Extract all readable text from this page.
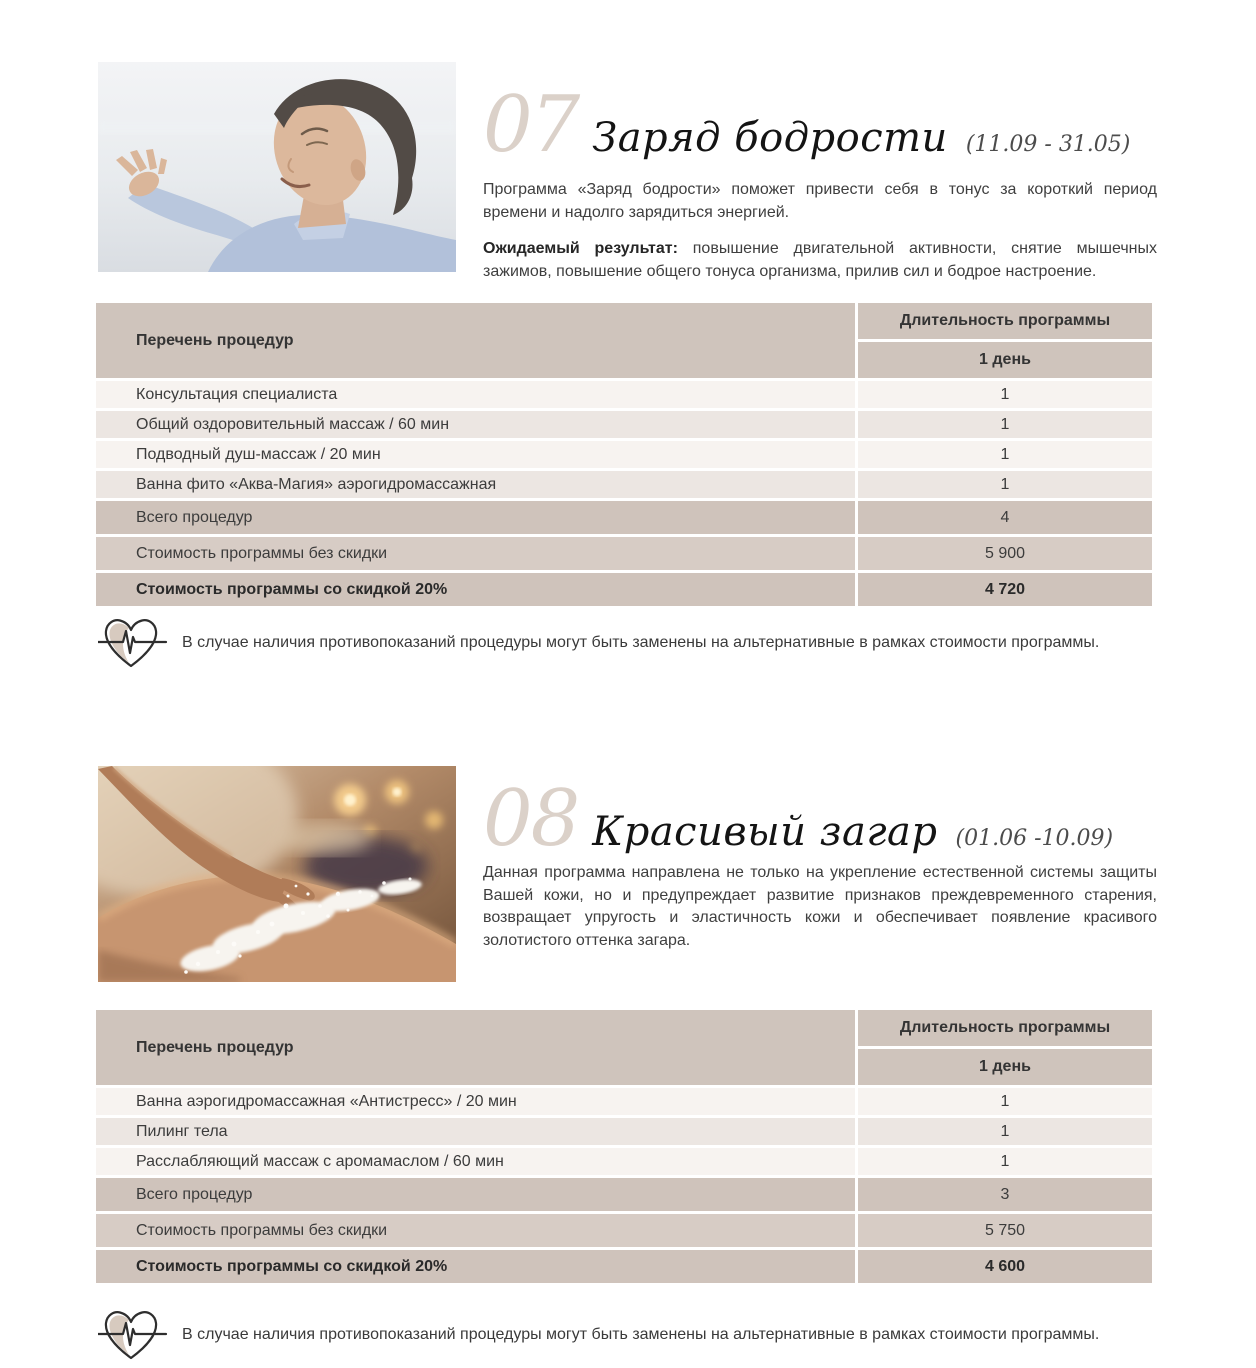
07 Заряд бодрости (11.09 - 31.05)

Программа «Заряд бодрости» поможет привести себя в тонус за короткий период времени и надолго зарядиться энергией.

Ожидаемый результат: повышение двигательной активности, снятие мышечных зажимов, повышение общего тонуса организма, прилив сил и бодрое настроение.

Перечень процедур
Длительность программы
1 день
Консультация специалиста	1
Общий оздоровительный массаж / 60 мин	1
Подводный душ-массаж / 20 мин	1
Ванна фито «Аква-Магия» аэрогидромассажная	1
Всего процедур	4
Стоимость программы без скидки	5 900
Стоимость программы со скидкой 20%	4 720
В случае наличия противопоказаний процедуры могут быть заменены на альтернативные в рамках стоимости программы.
08 Красивый загар (01.06 -10.09)

Данная программа направлена не только на укрепление естественной системы защиты Вашей кожи, но и предупреждает развитие признаков преждевременного старения, возвращает упругость и эластичность кожи и обеспечивает появление красивого золотистого оттенка загара.

Перечень процедур
Длительность программы
1 день
Ванна аэрогидромассажная «Антистресс» / 20 мин	1
Пилинг тела	1
Расслабляющий массаж с аромамаслом / 60 мин	1
Всего процедур	3
Стоимость программы без скидки	5 750
Стоимость программы со скидкой 20%	4 600
В случае наличия противопоказаний процедуры могут быть заменены на альтернативные в рамках стоимости программы.
